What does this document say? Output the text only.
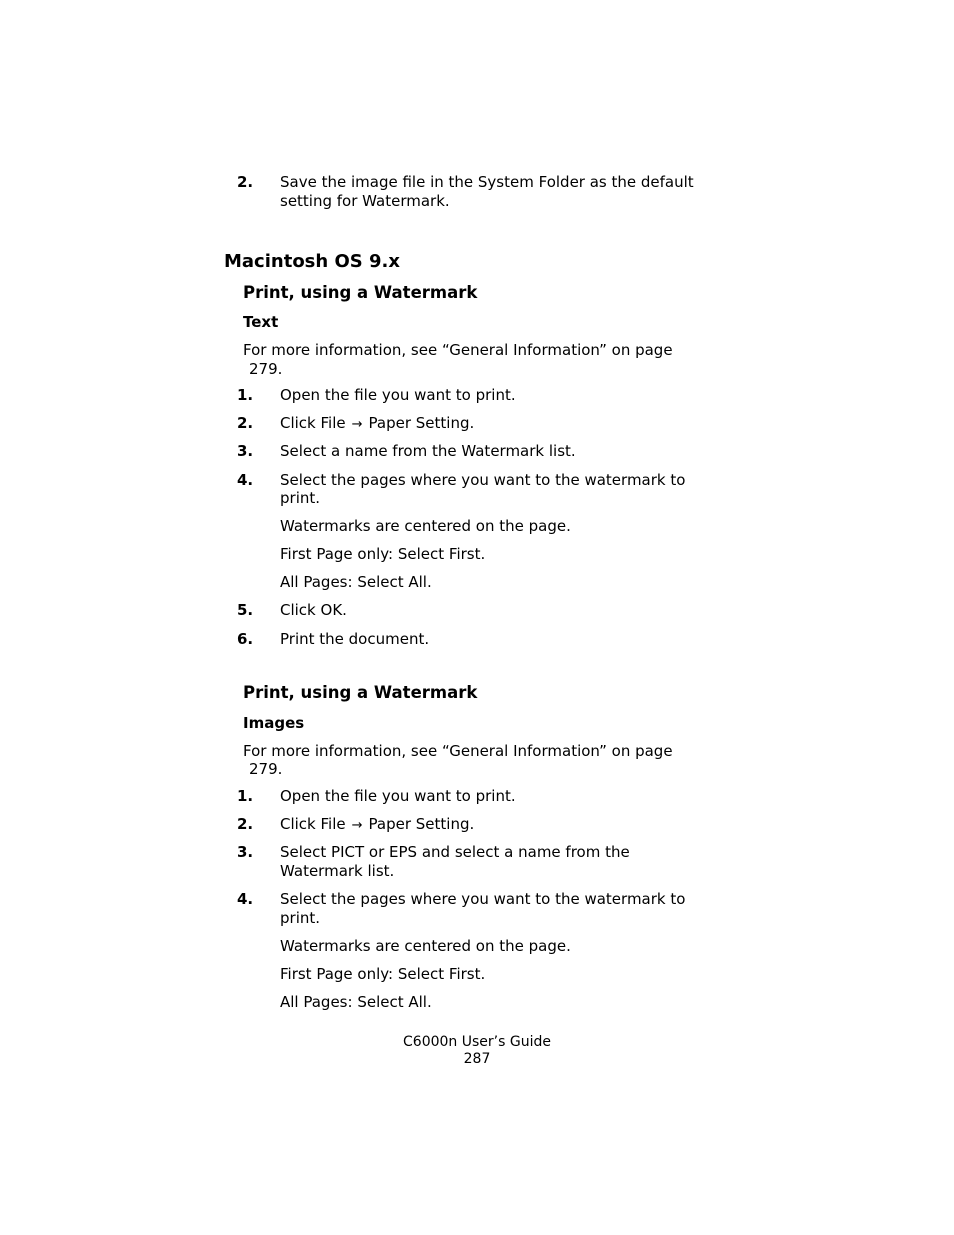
2. Save the image file in the System Folder as the default
setting for Watermark.
Macintosh OS 9.x
Print, using a Watermark
Text
For more information, see “General Information” on page
279.
1. Open the file you want to print.
2. Click File → Paper Setting.
3. Select a name from the Watermark list.
4. Select the pages where you want to the watermark to
print.
Watermarks are centered on the page.
First Page only: Select First.
All Pages: Select All.
5. Click OK.
6. Print the document.
Print, using a Watermark
Images
For more information, see “General Information” on page
279.
1. Open the file you want to print.
2. Click File → Paper Setting.
3. Select PICT or EPS and select a name from the
Watermark list.
4. Select the pages where you want to the watermark to
print.
Watermarks are centered on the page.
First Page only: Select First.
All Pages: Select All.
C6000n User’s Guide
287
